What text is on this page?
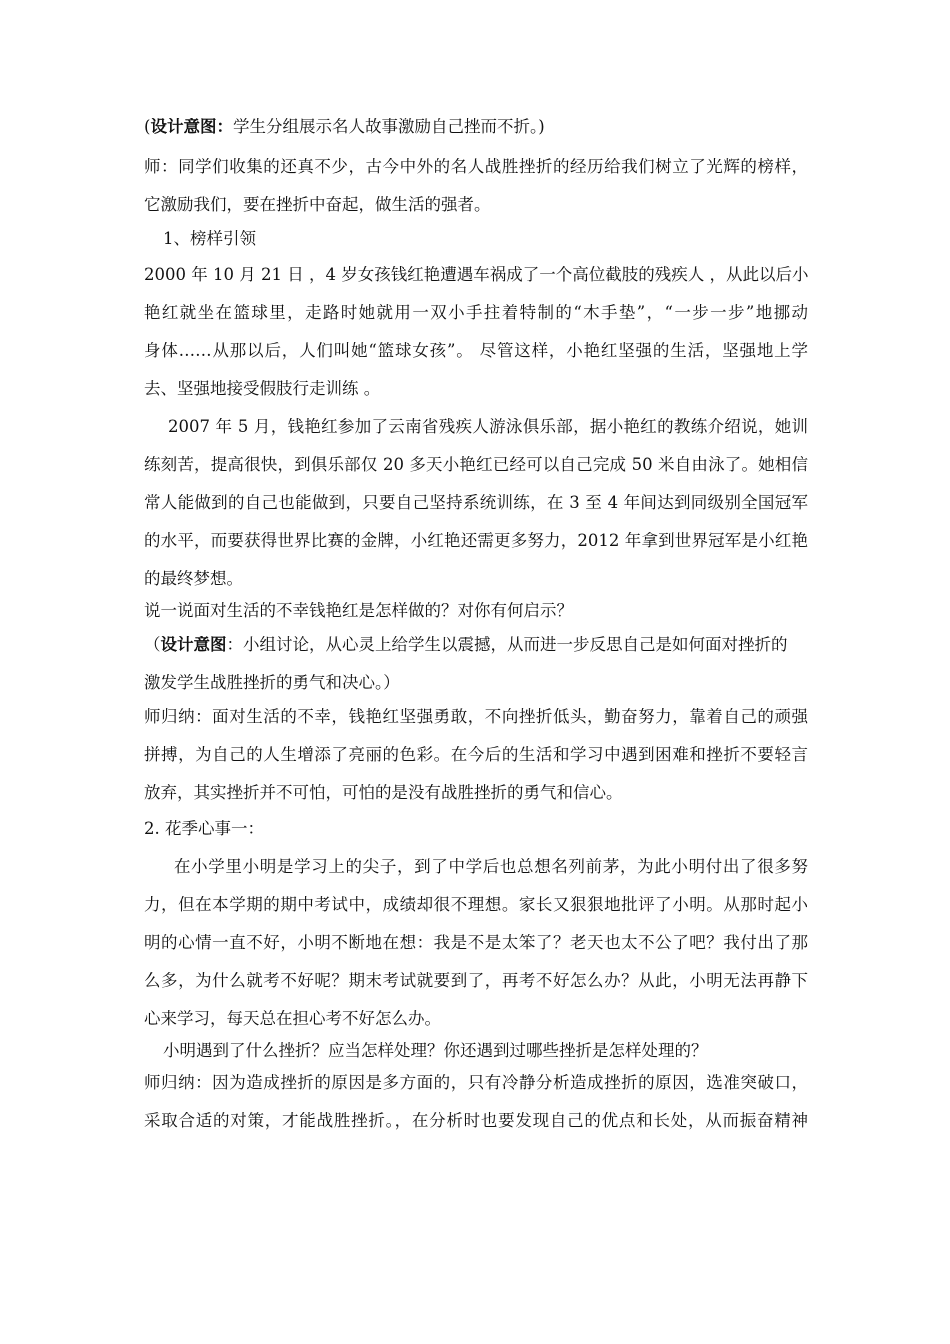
(设计意图：学生分组展示名人故事激励自己挫而不折。)
师：同学们收集的还真不少，古今中外的名人战胜挫折的经历给我们树立了光辉的榜样，
它激励我们，要在挫折中奋起，做生活的强者。
1、榜样引领
2000 年 10 月 21 日 ，4 岁女孩钱红艳遭遇车祸成了一个高位截肢的残疾人 ，从此以后小
艳红就坐在篮球里，走路时她就用一双小手拄着特制的“木手垫”，“一步一步”地挪动
身体……从那以后，人们叫她“篮球女孩”。 尽管这样，小艳红坚强的生活，坚强地上学
去、坚强地接受假肢行走训练 。
2007 年 5 月，钱艳红参加了云南省残疾人游泳俱乐部，据小艳红的教练介绍说，她训
练刻苦，提高很快，到俱乐部仅 20 多天小艳红已经可以自己完成 50 米自由泳了。她相信
常人能做到的自己也能做到，只要自己坚持系统训练，在 3 至 4 年间达到同级别全国冠军
的水平，而要获得世界比赛的金牌，小红艳还需更多努力，2012 年拿到世界冠军是小红艳
的最终梦想。
说一说面对生活的不幸钱艳红是怎样做的？对你有何启示？
（设计意图：小组讨论，从心灵上给学生以震撼，从而进一步反思自己是如何面对挫折的
激发学生战胜挫折的勇气和决心。）
师归纳：面对生活的不幸，钱艳红坚强勇敢，不向挫折低头，勤奋努力，靠着自己的顽强
拼搏，为自己的人生增添了亮丽的色彩。在今后的生活和学习中遇到困难和挫折不要轻言
放弃，其实挫折并不可怕，可怕的是没有战胜挫折的勇气和信心。
2. 花季心事一：
在小学里小明是学习上的尖子，到了中学后也总想名列前茅，为此小明付出了很多努
力，但在本学期的期中考试中，成绩却很不理想。家长又狠狠地批评了小明。从那时起小
明的心情一直不好，小明不断地在想：我是不是太笨了？老天也太不公了吧？我付出了那
么多，为什么就考不好呢？期末考试就要到了，再考不好怎么办？从此，小明无法再静下
心来学习，每天总在担心考不好怎么办。
小明遇到了什么挫折？应当怎样处理？你还遇到过哪些挫折是怎样处理的？
师归纳：因为造成挫折的原因是多方面的，只有冷静分析造成挫折的原因，选准突破口，
采取合适的对策，才能战胜挫折。，在分析时也要发现自己的优点和长处，从而振奋精神
